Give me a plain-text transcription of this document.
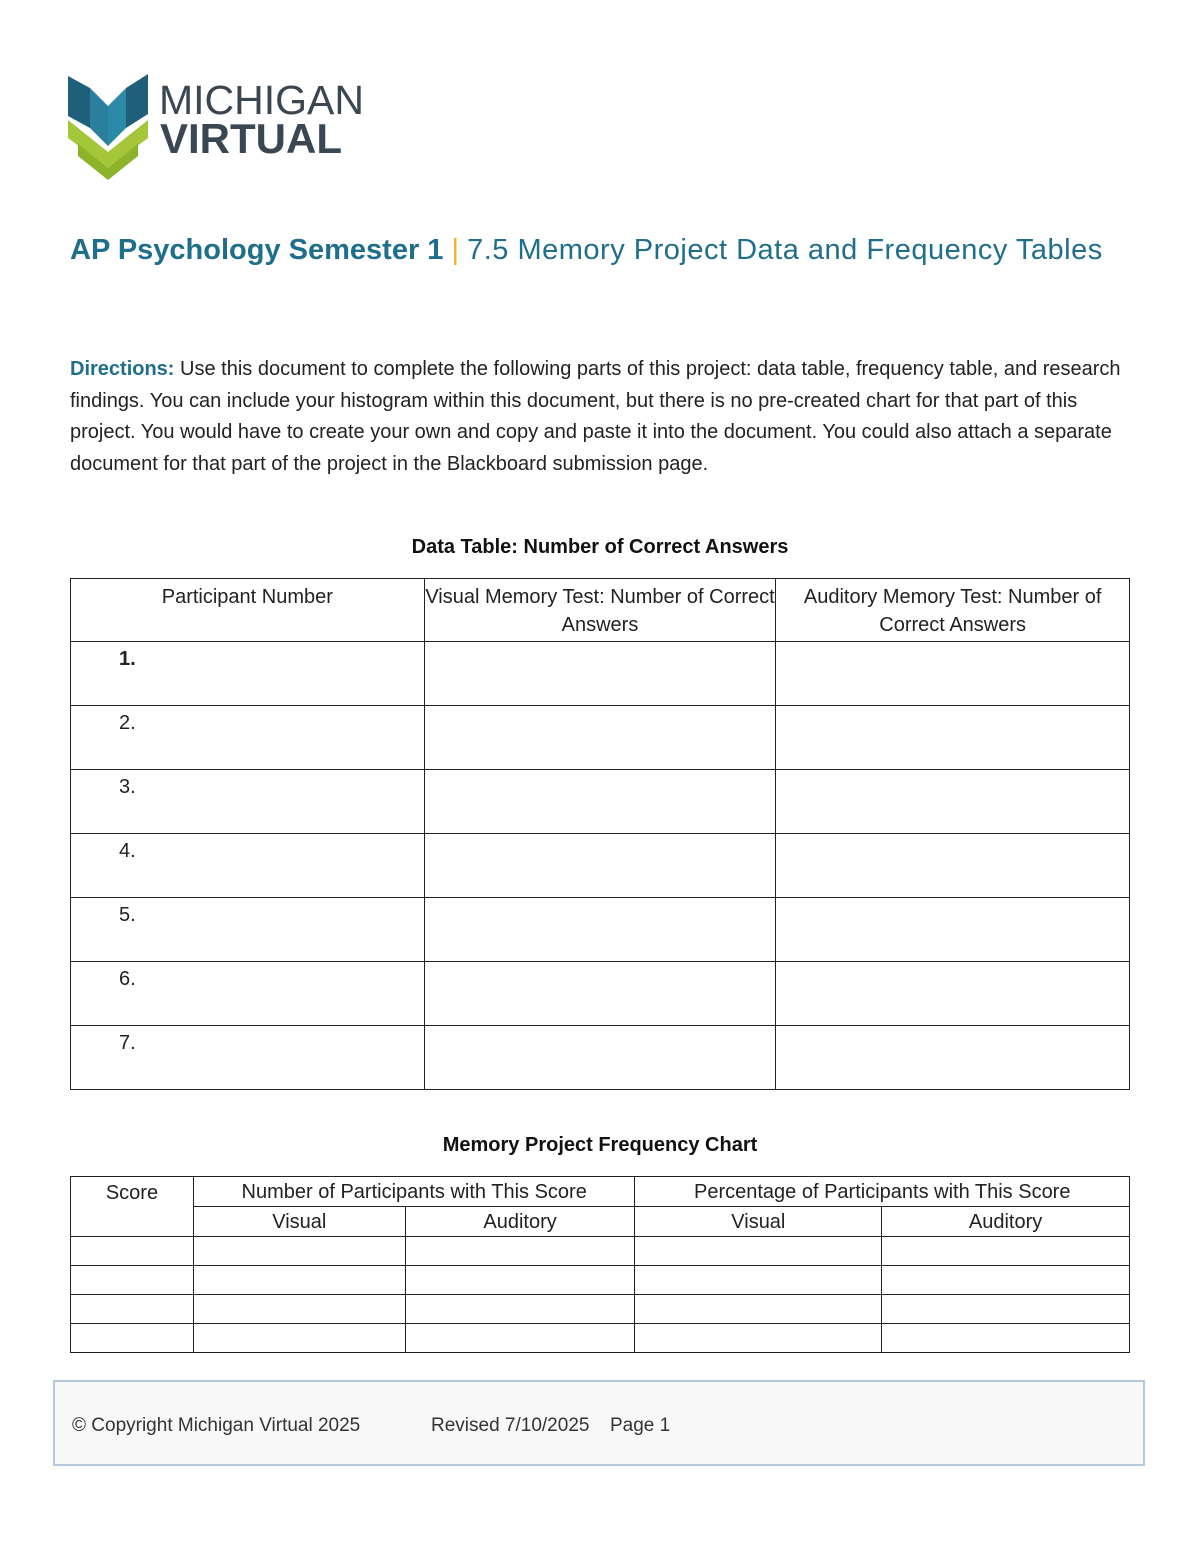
MICHIGAN
VIRTUAL
AP Psychology Semester 1 | 7.5 Memory Project Data and Frequency Tables
Directions: Use this document to complete the following parts of this project: data table, frequency table, and research findings. You can include your histogram within this document, but there is no pre-created chart for that part of this project. You would have to create your own and copy and paste it into the document. You could also attach a separate document for that part of the project in the Blackboard submission page.
Data Table: Number of Correct Answers
Participant Number	Visual Memory Test: Number of Correct Answers	Auditory Memory Test: Number of Correct Answers
1.		
2.		
3.		
4.		
5.		
6.		
7.		
Memory Project Frequency Chart
Score	Number of Participants with This Score		Percentage of Participants with This Score	
	Visual	Auditory	Visual	Auditory

© Copyright Michigan Virtual 2025	Revised 7/10/2025 Page 1
